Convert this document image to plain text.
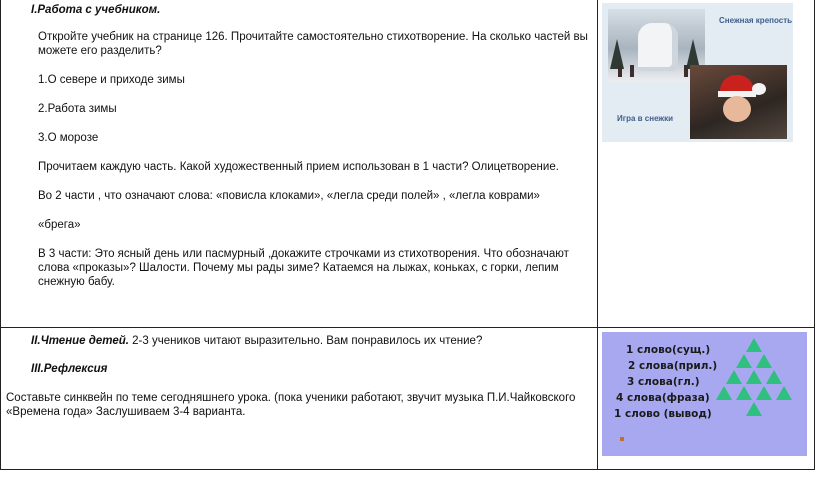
I.Работа с учебником.
Откройте учебник на странице 126. Прочитайте самостоятельно стихотворение. На сколько частей вы можете его разделить?
1.О севере и приходе зимы
2.Работа зимы
3.О морозе
Прочитаем каждую часть. Какой художественный прием использован в 1 части? Олицетворение.
Во 2 части , что означают слова: «повисла клоками», «легла среди полей» , «легла коврами»
«брега»
В 3 части: Это ясный день или пасмурный ,докажите строчками из стихотворения. Что обозначают слова «проказы»? Шалости. Почему мы рады зиме? Катаемся на лыжах, коньках, с горки, лепим снежную бабу.
II.Чтение детей. 2-3 учеников читают выразительно. Вам понравилось их чтение?
III.Рефлексия
Составьте синквейн по теме сегодняшнего урока. (пока ученики работают, звучит музыка П.И.Чайковского «Времена года» Заслушиваем 3-4 варианта.
Снежная крепость
Игра в снежки
1 слово(сущ.)
2 слова(прил.)
3 слова(гл.)
4 слова(фраза)
1 слово (вывод)
